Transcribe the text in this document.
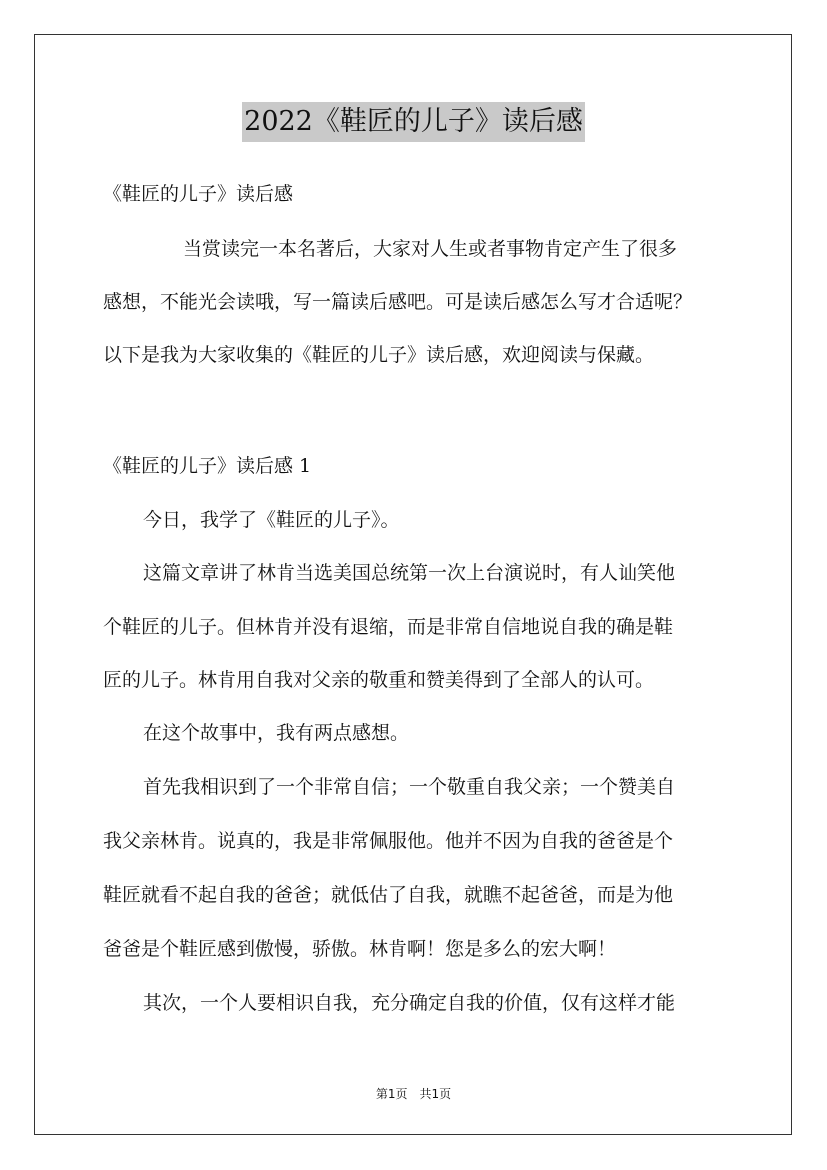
2022《鞋匠的儿子》读后感
《鞋匠的儿子》读后感
当赏读完一本名著后，大家对人生或者事物肯定产生了很多
感想，不能光会读哦，写一篇读后感吧。可是读后感怎么写才合适呢？
以下是我为大家收集的《鞋匠的儿子》读后感，欢迎阅读与保藏。
《鞋匠的儿子》读后感 1
今日，我学了《鞋匠的儿子》。
这篇文章讲了林肯当选美国总统第一次上台演说时，有人讪笑他
个鞋匠的儿子。但林肯并没有退缩，而是非常自信地说自我的确是鞋
匠的儿子。林肯用自我对父亲的敬重和赞美得到了全部人的认可。
在这个故事中，我有两点感想。
首先我相识到了一个非常自信；一个敬重自我父亲；一个赞美自
我父亲林肯。说真的，我是非常佩服他。他并不因为自我的爸爸是个
鞋匠就看不起自我的爸爸；就低估了自我，就瞧不起爸爸，而是为他
爸爸是个鞋匠感到傲慢，骄傲。林肯啊！您是多么的宏大啊！
其次，一个人要相识自我，充分确定自我的价值，仅有这样才能
第1页　共1页
